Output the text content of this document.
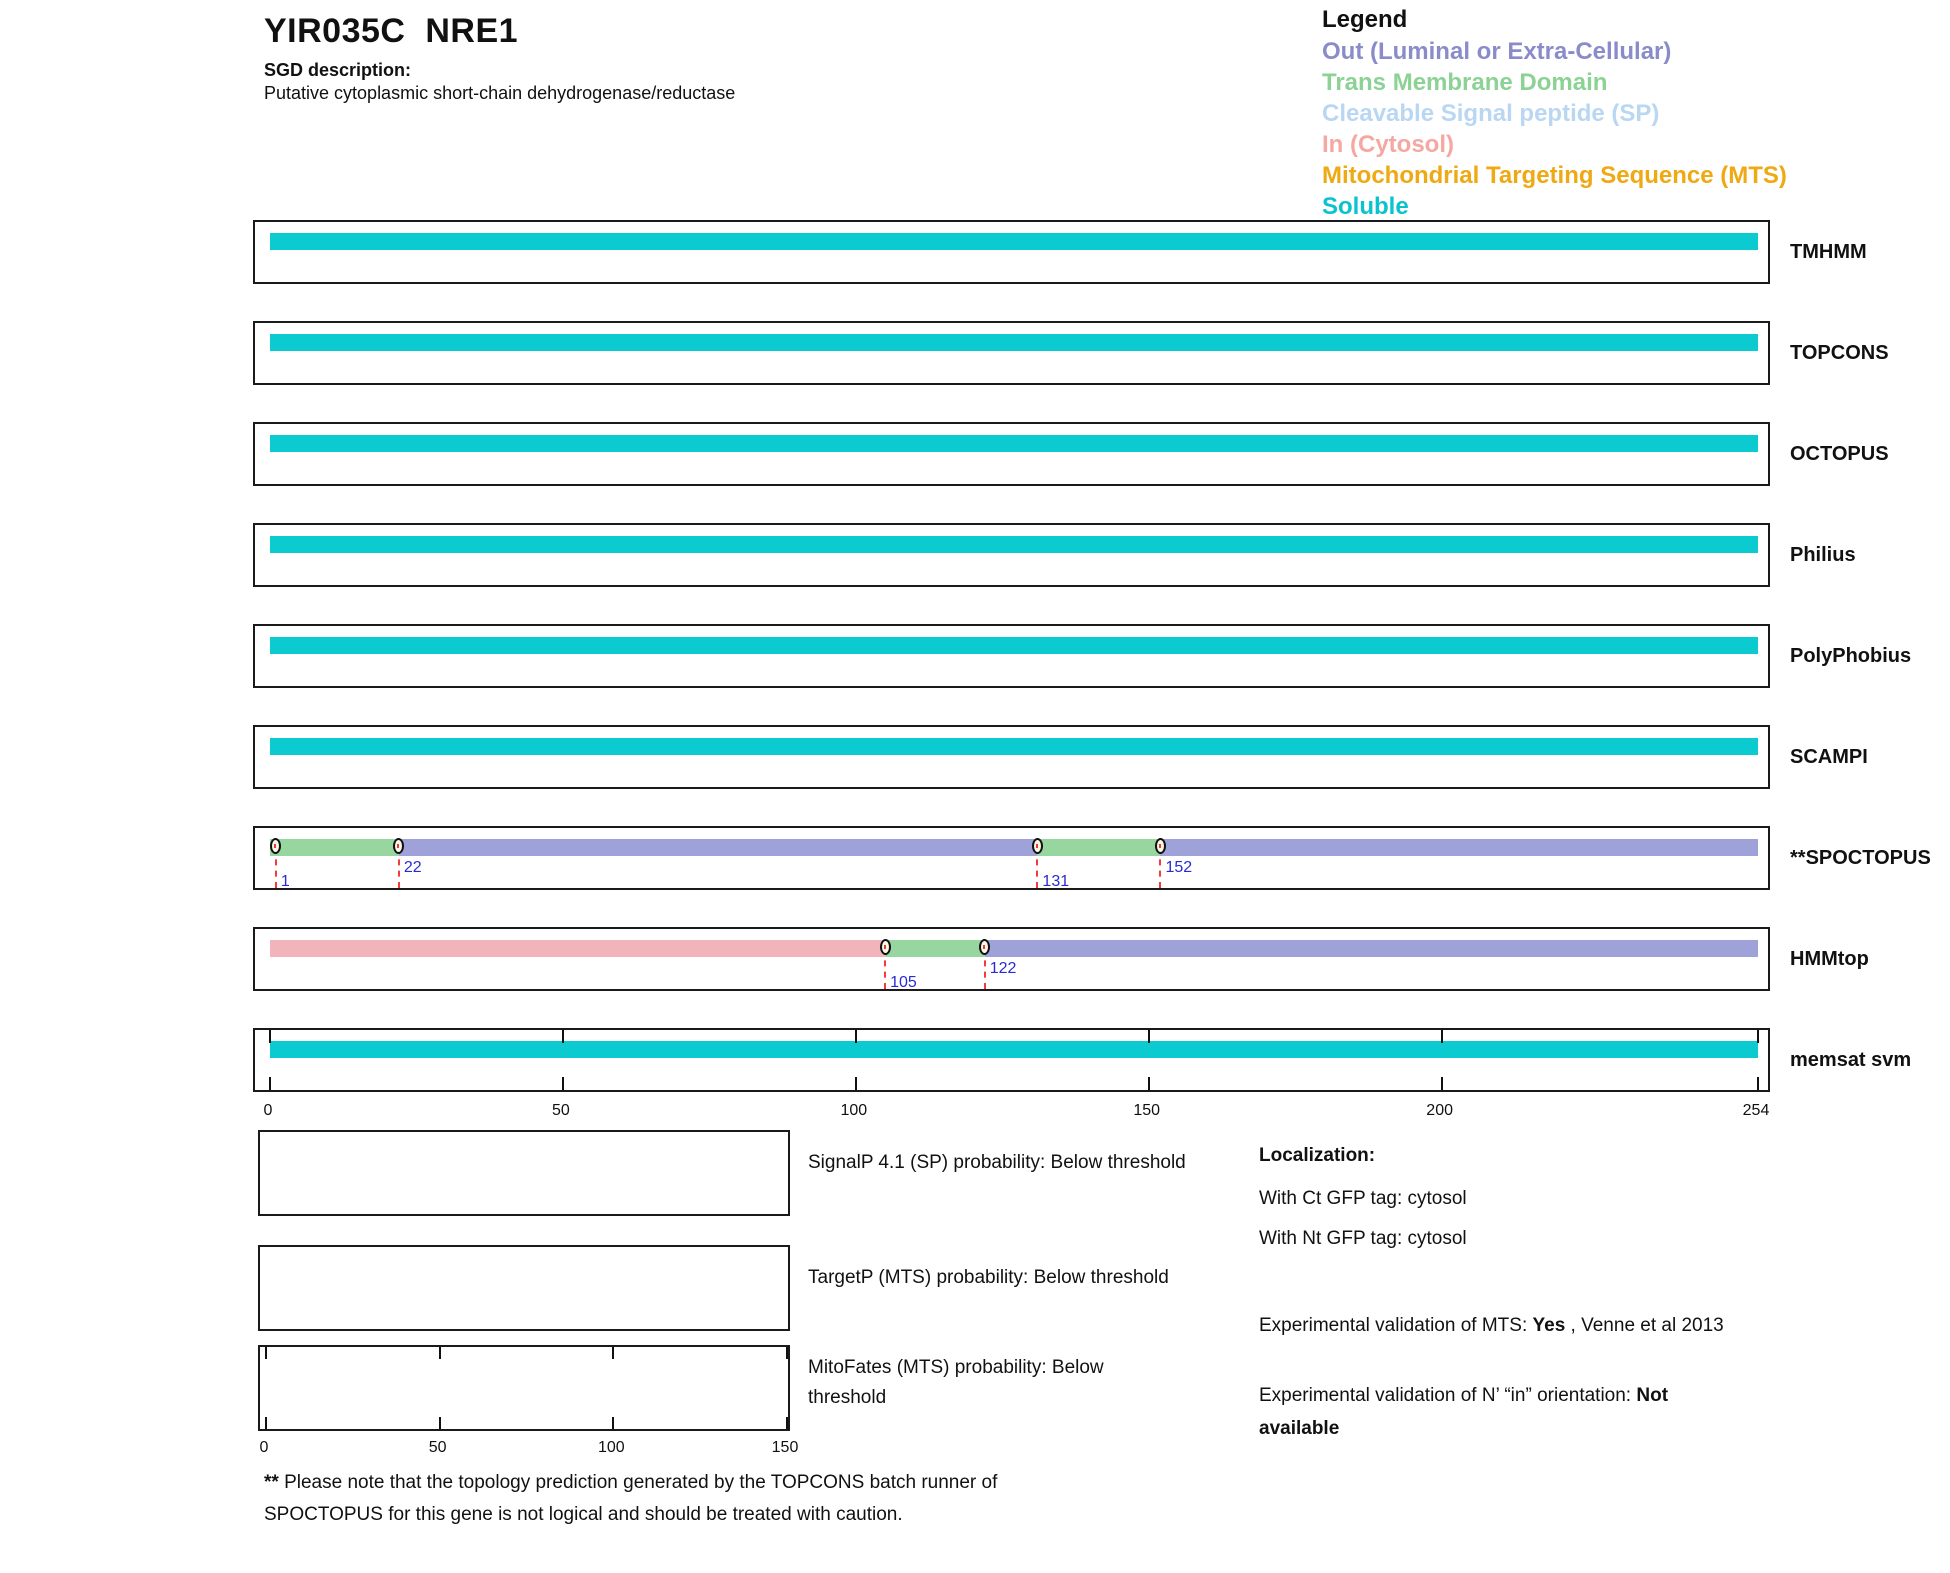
YIR035C  NRE1
SGD description:
Putative cytoplasmic short-chain dehydrogenase/reductase
Legend
Out (Luminal or Extra-Cellular)
Trans Membrane Domain
Cleavable Signal peptide (SP)
In (Cytosol)
Mitochondrial Targeting Sequence (MTS)
Soluble
TMHMM
TOPCONS
OCTOPUS
Philius
PolyPhobius
SCAMPI
1
22
131
152	**SPOCTOPUS
105
122	HMMtop
memsat svm
0	50	100	150	200	254
SignalP 4.1 (SP) probability: Below threshold
TargetP (MTS) probability: Below threshold
0	50	100	150
MitoFates (MTS) probability: Below
threshold
Localization:
With Ct GFP tag: cytosol
With Nt GFP tag: cytosol
Experimental validation of MTS: Yes , Venne et al 2013
Experimental validation of N’ “in” orientation: Not
available
** Please note that the topology prediction generated by the TOPCONS batch runner of
SPOCTOPUS for this gene is not logical and should be treated with caution.
